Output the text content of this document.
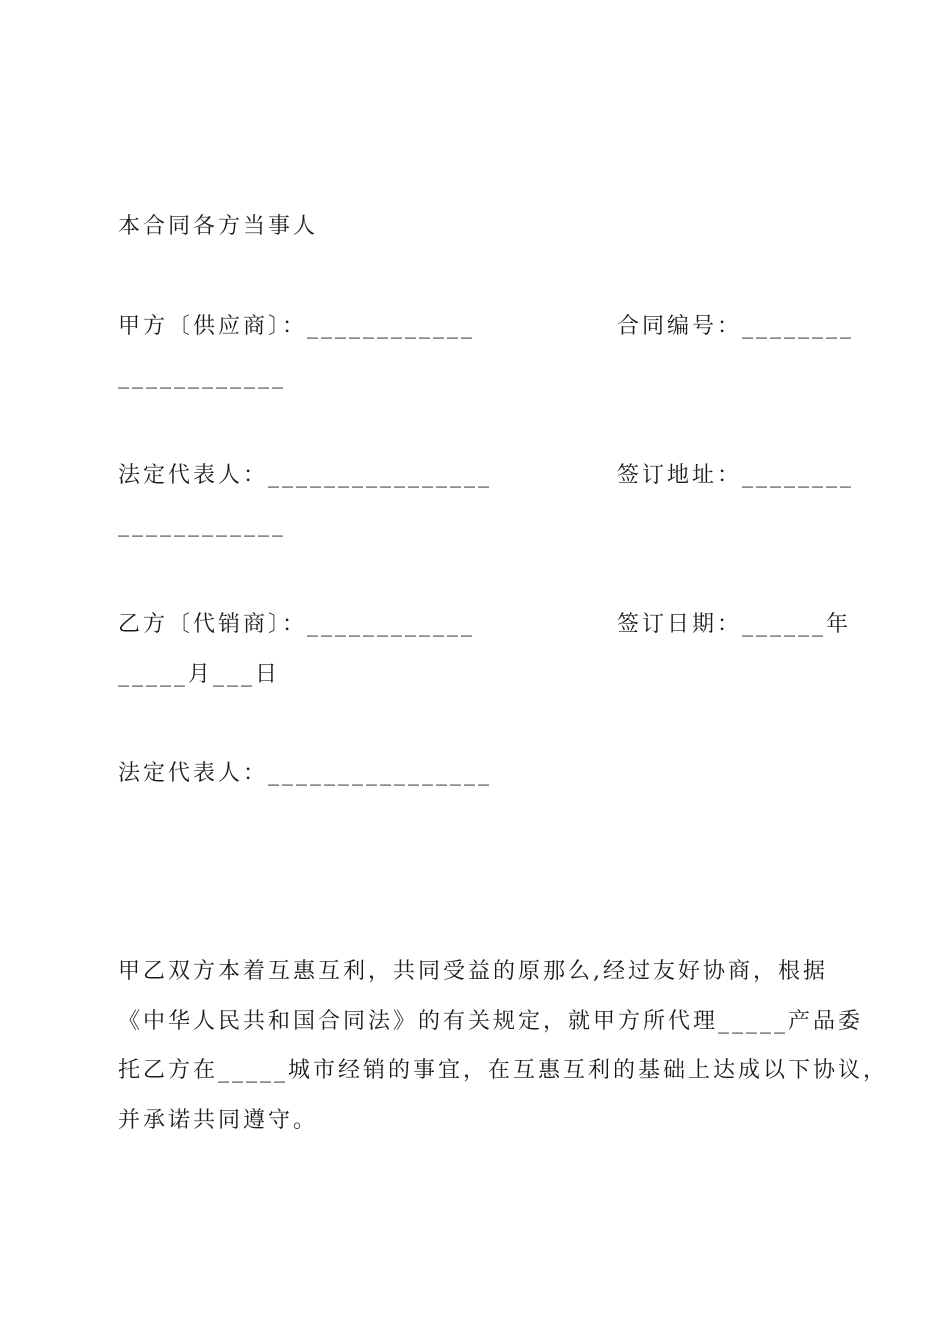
本合同各方当事人
甲方〔供应商〕：____________	合同编号：________
____________
法定代表人：________________	签订地址：________
____________
乙方〔代销商〕：____________	签订日期：______年
_____月___日
法定代表人：________________
甲乙双方本着互惠互利，共同受益的原那么,经过友好协商，根据
《中华人民共和国合同法》的有关规定，就甲方所代理_____产品委
托乙方在_____城市经销的事宜，在互惠互利的基础上达成以下协议，
并承诺共同遵守。
